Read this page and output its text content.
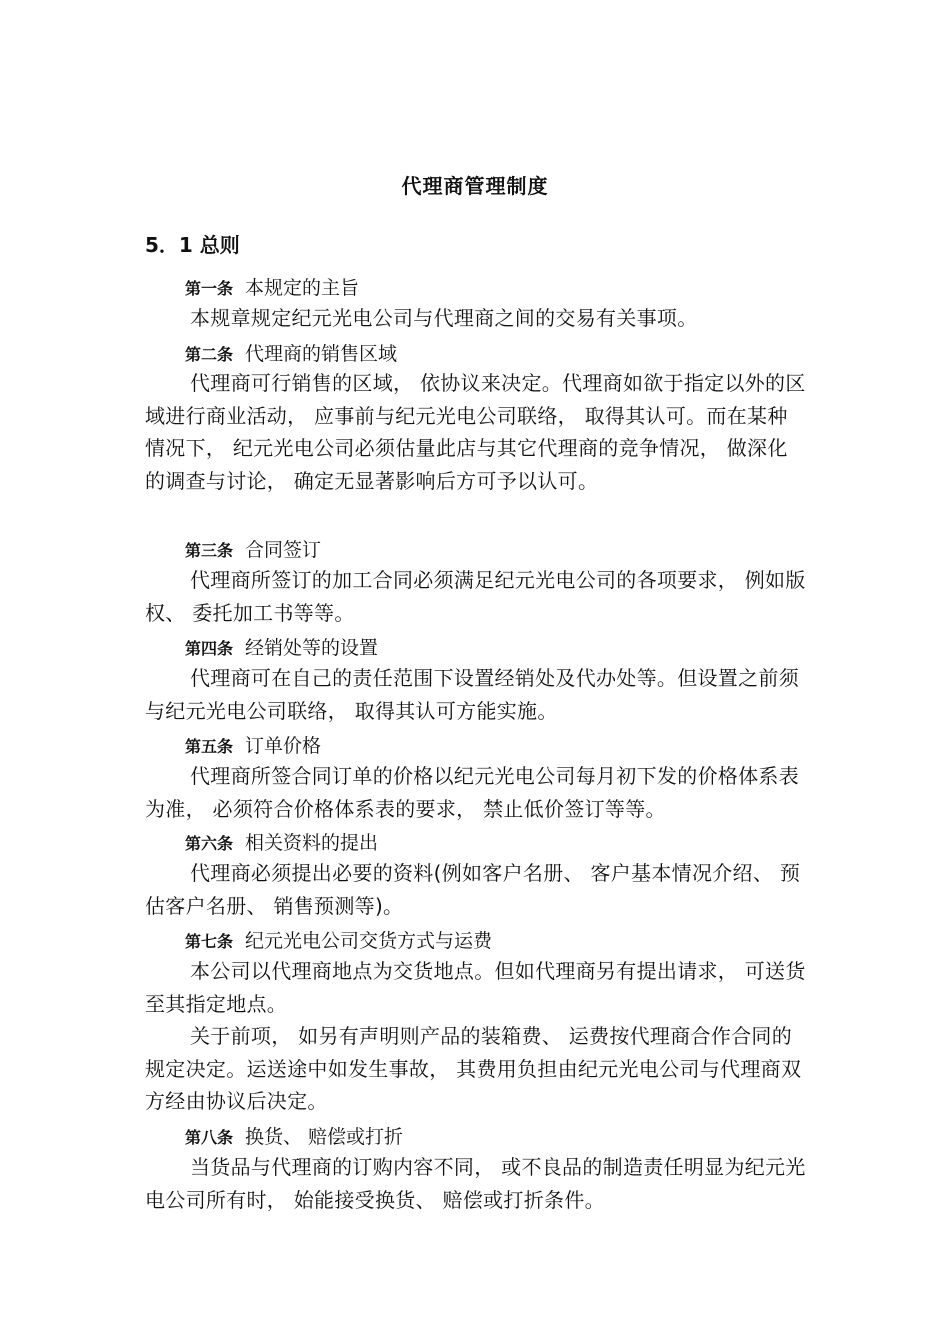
代理商管理制度
5．1 总则
第一条 本规定的主旨

本规章规定纪元光电公司与代理商之间的交易有关事项。

第二条 代理商的销售区域

代理商可行销售的区域， 依协议来决定。代理商如欲于指定以外的区域进行商业活动， 应事前与纪元光电公司联络， 取得其认可。而在某种情况下， 纪元光电公司必须估量此店与其它代理商的竞争情况， 做深化的调查与讨论， 确定无显著影响后方可予以认可。

第三条 合同签订

代理商所签订的加工合同必须满足纪元光电公司的各项要求， 例如版权、 委托加工书等等。

第四条 经销处等的设置

代理商可在自己的责任范围下设置经销处及代办处等。但设置之前须与纪元光电公司联络， 取得其认可方能实施。

第五条 订单价格

代理商所签合同订单的价格以纪元光电公司每月初下发的价格体系表为准， 必须符合价格体系表的要求， 禁止低价签订等等。

第六条 相关资料的提出

代理商必须提出必要的资料(例如客户名册、 客户基本情况介绍、 预估客户名册、 销售预测等)。

第七条 纪元光电公司交货方式与运费

本公司以代理商地点为交货地点。但如代理商另有提出请求， 可送货至其指定地点。

关于前项， 如另有声明则产品的装箱费、 运费按代理商合作合同的规定决定。运送途中如发生事故， 其费用负担由纪元光电公司与代理商双方经由协议后决定。

第八条 换货、 赔偿或打折

当货品与代理商的订购内容不同， 或不良品的制造责任明显为纪元光电公司所有时， 始能接受换货、 赔偿或打折条件。
